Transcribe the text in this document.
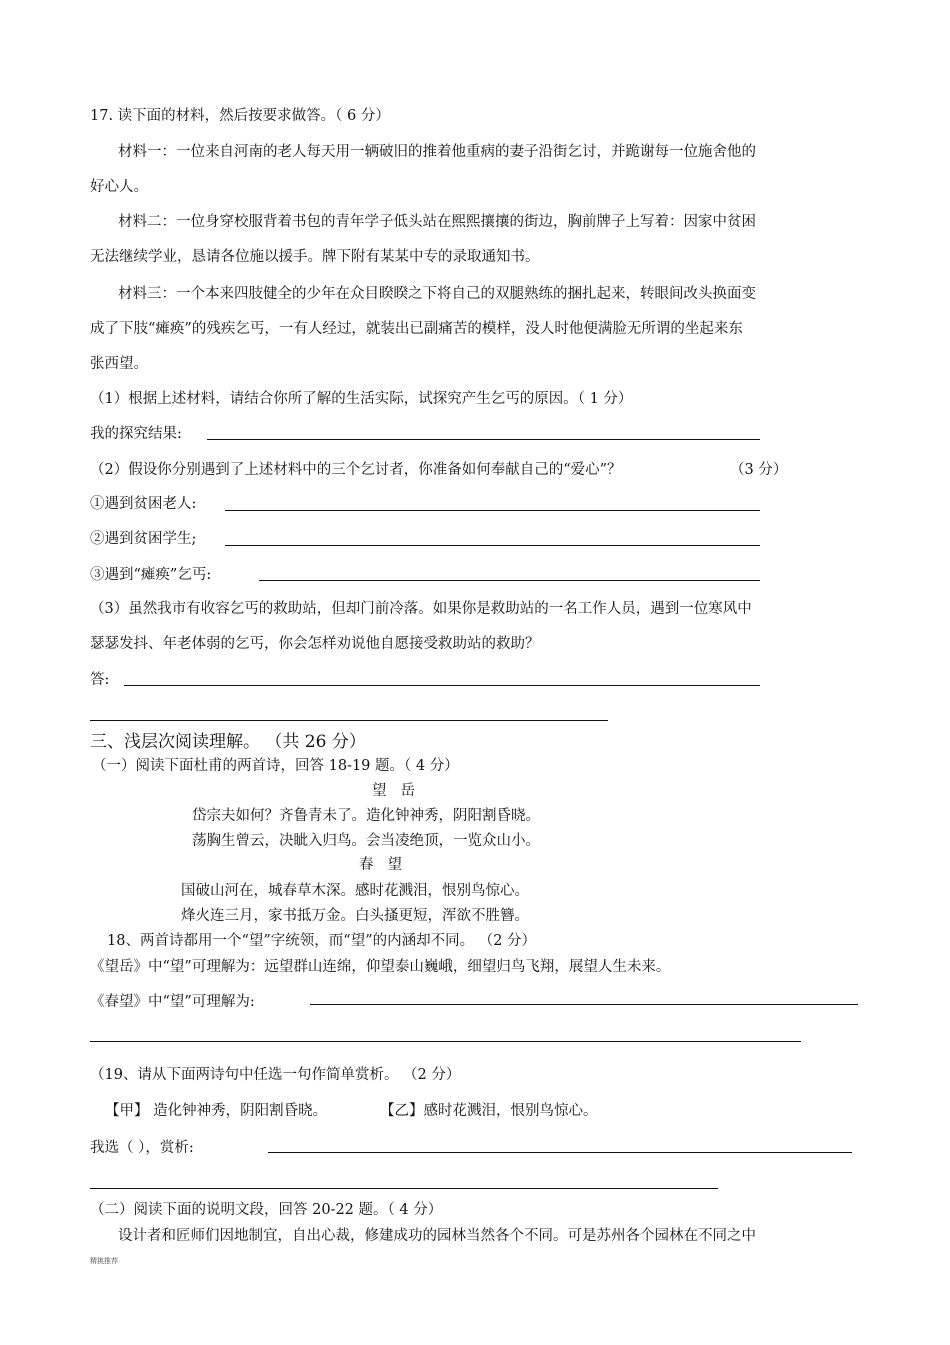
17. 读下面的材料，然后按要求做答。（ 6 分）
材料一：一位来自河南的老人每天用一辆破旧的推着他重病的妻子沿街乞讨，并跪谢每一位施舍他的
好心人。
材料二：一位身穿校服背着书包的青年学子低头站在熙熙攘攘的街边，胸前牌子上写着：因家中贫困
无法继续学业，恳请各位施以援手。牌下附有某某中专的录取通知书。
材料三：一个本来四肢健全的少年在众目睽睽之下将自己的双腿熟练的捆扎起来，转眼间改头换面变
成了下肢“瘫痪”的残疾乞丐，一有人经过，就装出已副痛苦的模样，没人时他便满脸无所谓的坐起来东
张西望。
（1）根据上述材料，请结合你所了解的生活实际，试探究产生乞丐的原因。（ 1 分）
我的探究结果:
（2）假设你分别遇到了上述材料中的三个乞讨者，你准备如何奉献自己的“爱心”？	（3 分）
①遇到贫困老人:
②遇到贫困学生;
③遇到“瘫痪”乞丐:
（3）虽然我市有收容乞丐的救助站，但却门前冷落。如果你是救助站的一名工作人员，遇到一位寒风中
瑟瑟发抖、年老体弱的乞丐，你会怎样劝说他自愿接受救助站的救助？
答:
三、浅层次阅读理解。 （共 26 分）
（一）阅读下面杜甫的两首诗，回答 18-19 题。（ 4 分）
望岳
岱宗夫如何？齐鲁青未了。造化钟神秀，阴阳割昏晓。
荡胸生曾云，决眦入归鸟。会当凌绝顶，一览众山小。
春望
国破山河在，城春草木深。感时花溅泪，恨别鸟惊心。
烽火连三月，家书抵万金。白头搔更短，浑欲不胜簪。
18、两首诗都用一个“望”字统领，而“望”的内涵却不同。 （2 分）
《望岳》中“望”可理解为：远望群山连绵，仰望泰山巍峨，细望归鸟飞翔，展望人生未来。
《春望》中“望”可理解为:
（19、请从下面两诗句中任选一句作简单赏析。 （2 分）
【甲】 造化钟神秀，阴阳割昏晓。	【乙】感时花溅泪，恨别鸟惊心。
我选（ ），赏析:
（二）阅读下面的说明文段，回答 20-22 题。（ 4 分）
设计者和匠师们因地制宜，自出心裁，修建成功的园林当然各个不同。可是苏州各个园林在不同之中
精挑推荐
